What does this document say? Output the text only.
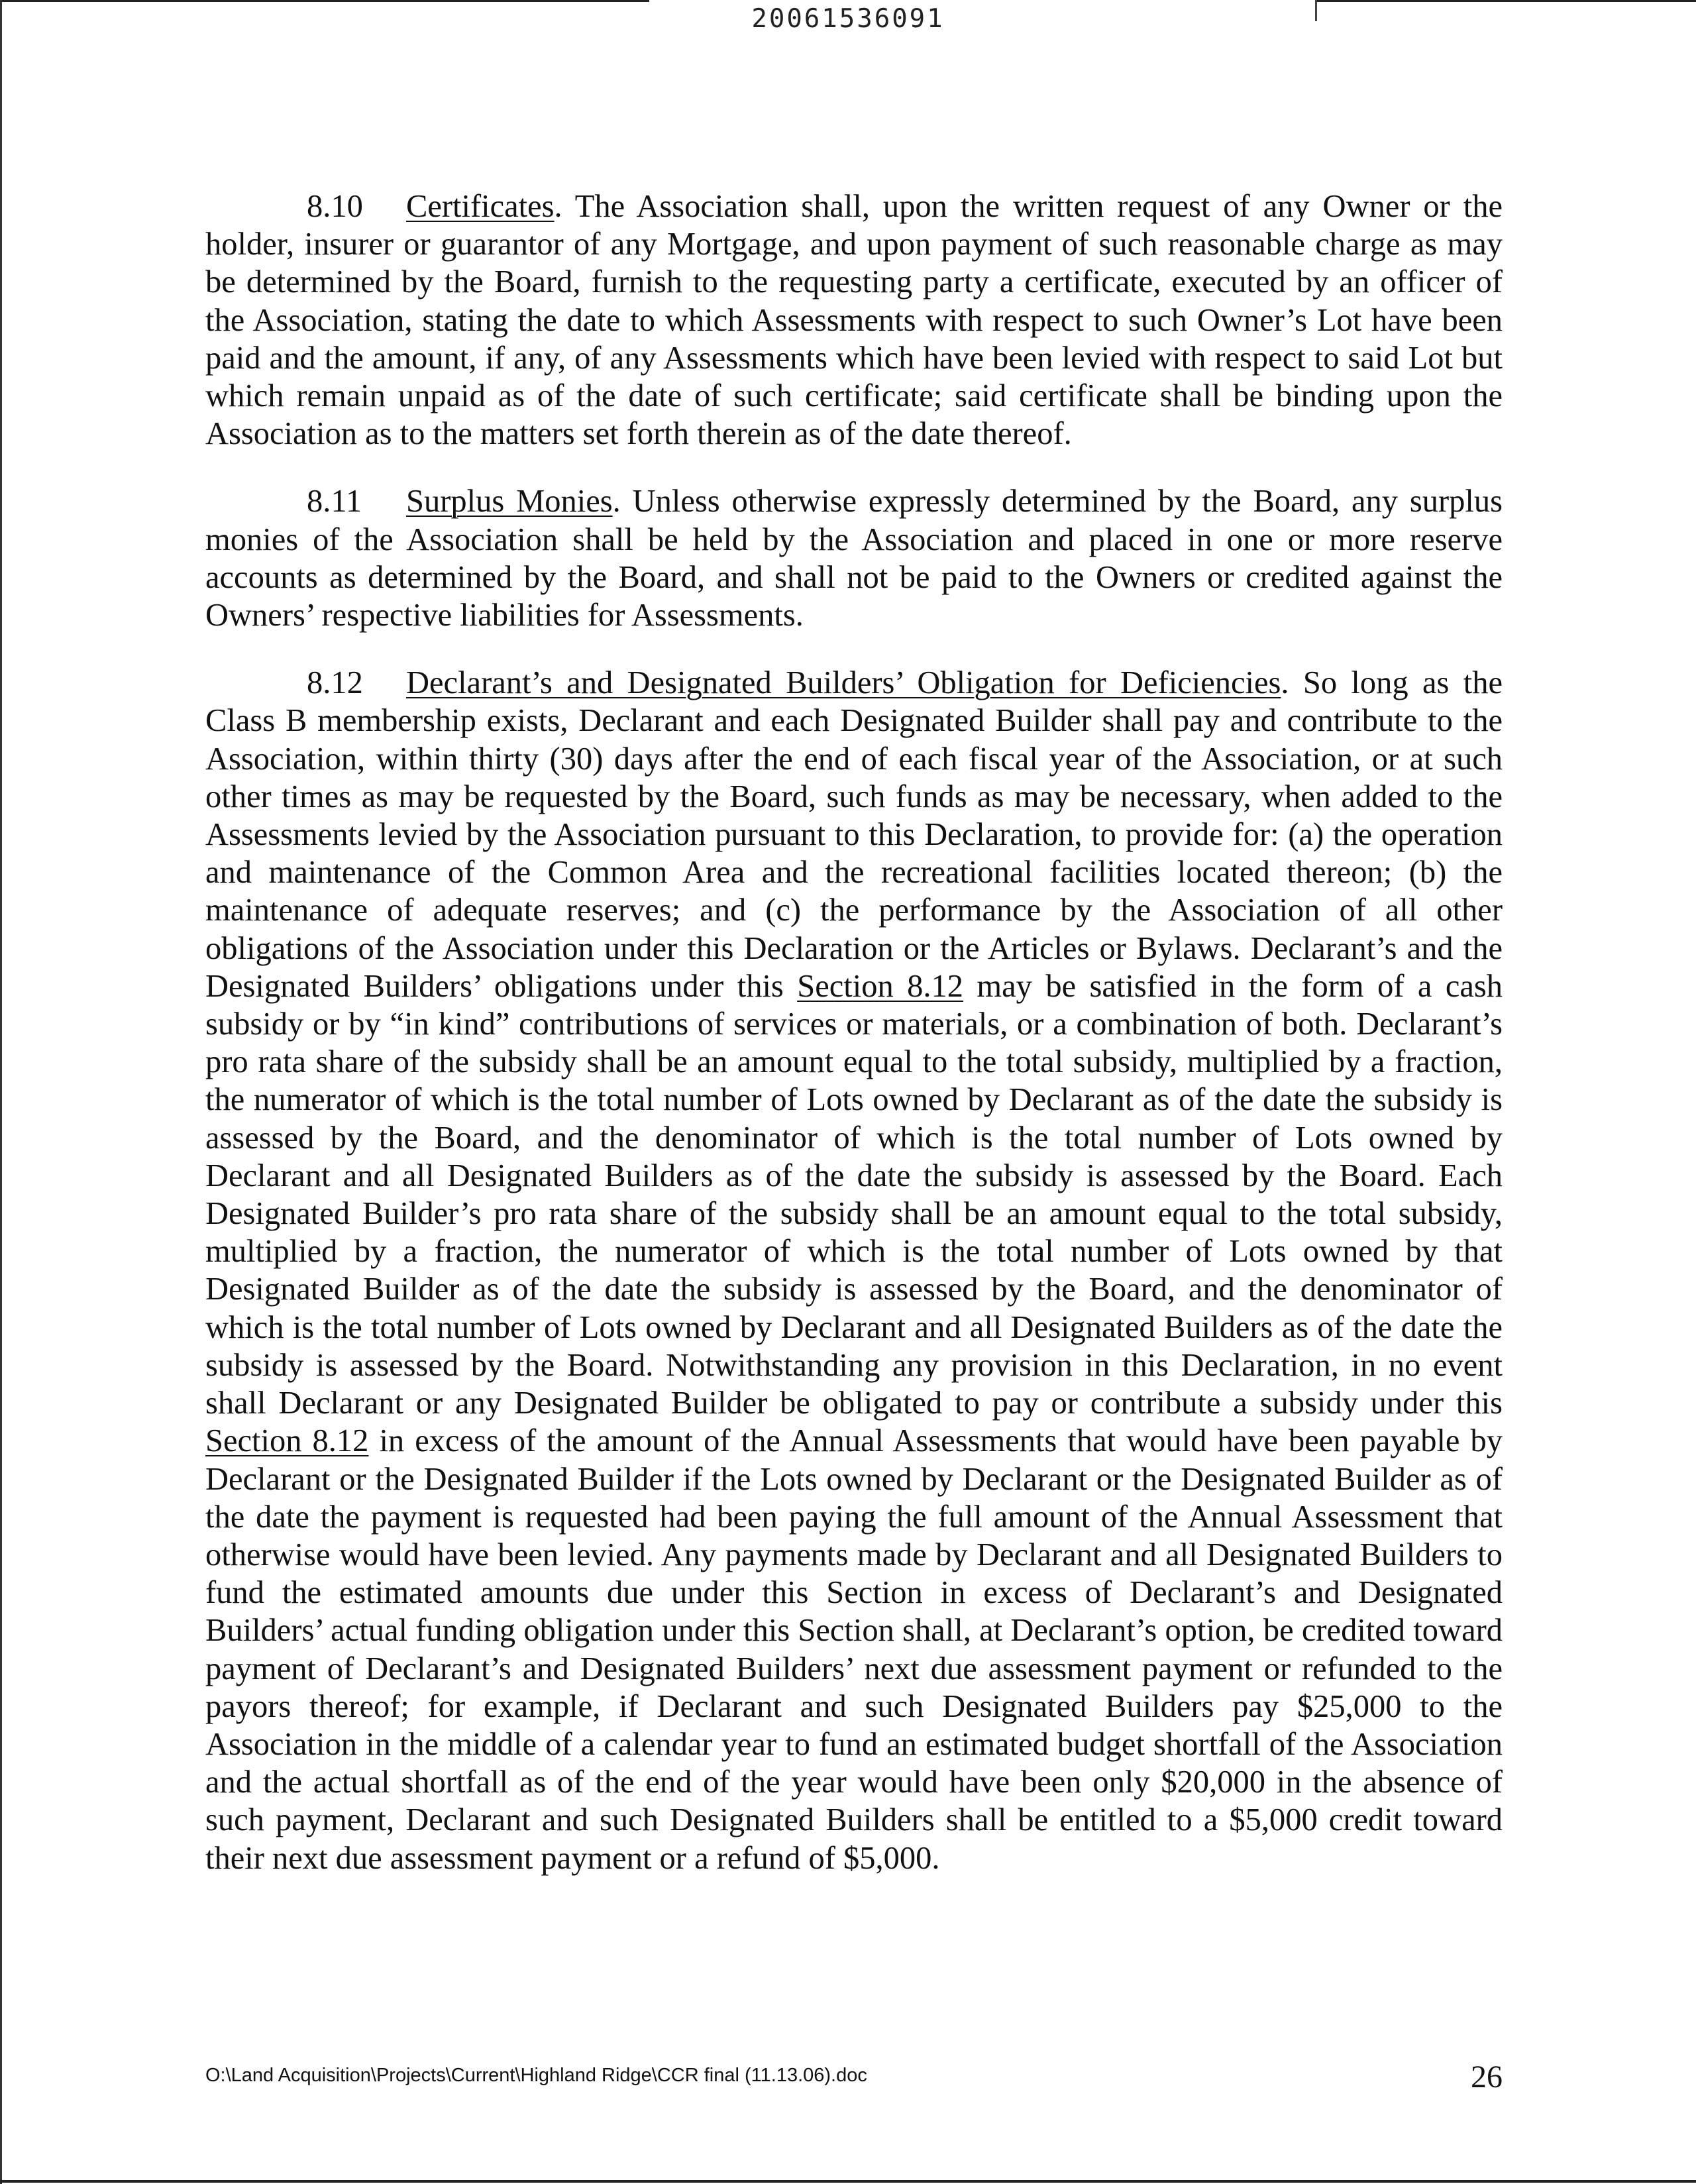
20061536091

8.10 Certificates. The Association shall, upon the written request of any Owner or the holder, insurer or guarantor of any Mortgage, and upon payment of such reasonable charge as may be determined by the Board, furnish to the requesting party a certificate, executed by an officer of the Association, stating the date to which Assessments with respect to such Owner’s Lot have been paid and the amount, if any, of any Assessments which have been levied with respect to said Lot but which remain unpaid as of the date of such certificate; said certificate shall be binding upon the Association as to the matters set forth therein as of the date thereof.

8.11 Surplus Monies. Unless otherwise expressly determined by the Board, any surplus monies of the Association shall be held by the Association and placed in one or more reserve accounts as determined by the Board, and shall not be paid to the Owners or credited against the Owners’ respective liabilities for Assessments.

8.12 Declarant’s and Designated Builders’ Obligation for Deficiencies. So long as the Class B membership exists, Declarant and each Designated Builder shall pay and contribute to the Association, within thirty (30) days after the end of each fiscal year of the Association, or at such other times as may be requested by the Board, such funds as may be necessary, when added to the Assessments levied by the Association pursuant to this Declaration, to provide for: (a) the operation and maintenance of the Common Area and the recreational facilities located thereon; (b) the maintenance of adequate reserves; and (c) the performance by the Association of all other obligations of the Association under this Declaration or the Articles or Bylaws. Declarant’s and the Designated Builders’ obligations under this Section 8.12 may be satisfied in the form of a cash subsidy or by “in kind” contributions of services or materials, or a combination of both. Declarant’s pro rata share of the subsidy shall be an amount equal to the total subsidy, multiplied by a fraction, the numerator of which is the total number of Lots owned by Declarant as of the date the subsidy is assessed by the Board, and the denominator of which is the total number of Lots owned by Declarant and all Designated Builders as of the date the subsidy is assessed by the Board. Each Designated Builder’s pro rata share of the subsidy shall be an amount equal to the total subsidy, multiplied by a fraction, the numerator of which is the total number of Lots owned by that Designated Builder as of the date the subsidy is assessed by the Board, and the denominator of which is the total number of Lots owned by Declarant and all Designated Builders as of the date the subsidy is assessed by the Board. Notwithstanding any provision in this Declaration, in no event shall Declarant or any Designated Builder be obligated to pay or contribute a subsidy under this Section 8.12 in excess of the amount of the Annual Assessments that would have been payable by Declarant or the Designated Builder if the Lots owned by Declarant or the Designated Builder as of the date the payment is requested had been paying the full amount of the Annual Assessment that otherwise would have been levied. Any payments made by Declarant and all Designated Builders to fund the estimated amounts due under this Section in excess of Declarant’s and Designated Builders’ actual funding obligation under this Section shall, at Declarant’s option, be credited toward payment of Declarant’s and Designated Builders’ next due assessment payment or refunded to the payors thereof; for example, if Declarant and such Designated Builders pay $25,000 to the Association in the middle of a calendar year to fund an estimated budget shortfall of the Association and the actual shortfall as of the end of the year would have been only $20,000 in the absence of such payment, Declarant and such Designated Builders shall be entitled to a $5,000 credit toward their next due assessment payment or a refund of $5,000.

O:\Land Acquisition\Projects\Current\Highland Ridge\CCR final (11.13.06).doc	26
